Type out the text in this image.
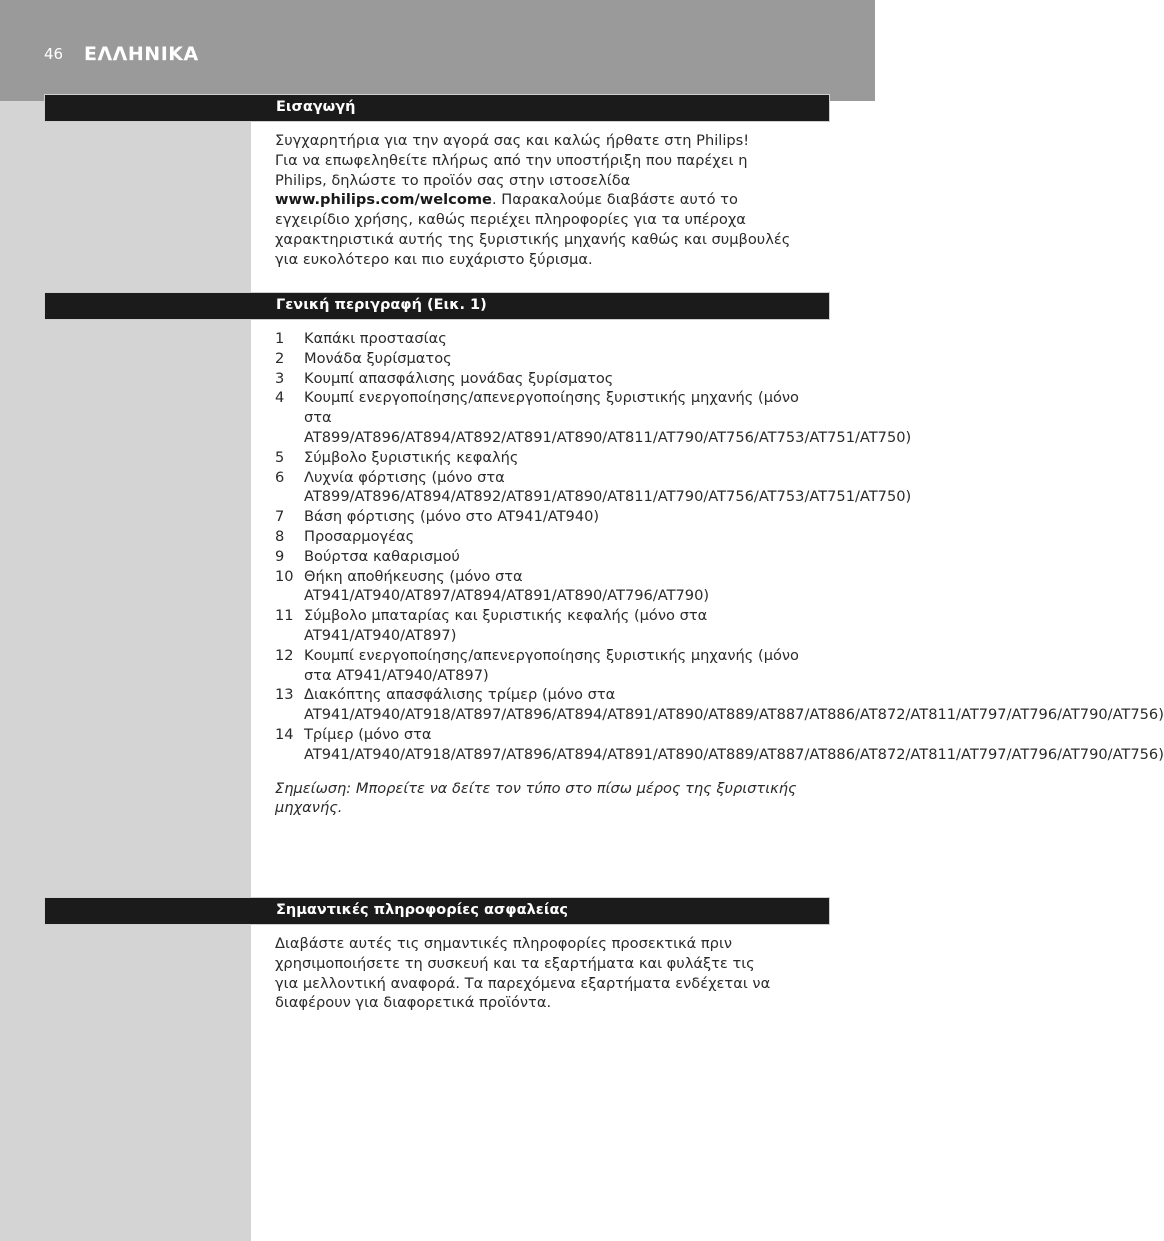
46 ΕΛΛΗΝΙΚΑ
Εισαγωγή

Συγχαρητήρια για την αγορά σας και καλώς ήρθατε στη Philips!

Για να επωφεληθείτε πλήρως από την υποστήριξη που παρέχει η

Philips, δηλώστε το προϊόν σας στην ιστοσελίδα

www.philips.com/welcome. Παρακαλούμε διαβάστε αυτό το

εγχειρίδιο χρήσης, καθώς περιέχει πληροφορίες για τα υπέροχα

χαρακτηριστικά αυτής της ξυριστικής μηχανής καθώς και συμβουλές

για ευκολότερο και πιο ευχάριστο ξύρισμα.

Γενική περιγραφή (Εικ. 1)
1 Καπάκι προστασίας
2 Μονάδα ξυρίσματος
3 Κουμπί απασφάλισης μονάδας ξυρίσματος
4 Κουμπί ενεργοποίησης/απενεργοποίησης ξυριστικής μηχανής (μόνο στα AT899/AT896/AT894/AT892/AT891/AT890/AT811/AT790/AT756/AT753/AT751/AT750)
5 Σύμβολο ξυριστικής κεφαλής
6 Λυχνία φόρτισης (μόνο στα AT899/AT896/AT894/AT892/AT891/AT890/AT811/AT790/AT756/AT753/AT751/AT750)
7 Βάση φόρτισης (μόνο στο AT941/AT940)
8 Προσαρμογέας
9 Βούρτσα καθαρισμού
10 Θήκη αποθήκευσης (μόνο στα AT941/AT940/AT897/AT894/AT891/AT890/AT796/AT790)
11 Σύμβολο μπαταρίας και ξυριστικής κεφαλής (μόνο στα AT941/AT940/AT897)
12 Κουμπί ενεργοποίησης/απενεργοποίησης ξυριστικής μηχανής (μόνο στα AT941/AT940/AT897)
13 Διακόπτης απασφάλισης τρίμερ (μόνο στα AT941/AT940/AT918/AT897/AT896/AT894/AT891/AT890/AT889/AT887/AT886/AT872/AT811/AT797/AT796/AT790/AT756)
14 Τρίμερ (μόνο στα AT941/AT940/AT918/AT897/AT896/AT894/AT891/AT890/AT889/AT887/AT886/AT872/AT811/AT797/AT796/AT790/AT756)

Σημείωση: Μπορείτε να δείτε τον τύπο στο πίσω μέρος της ξυριστικής μηχανής.

Σημαντικές πληροφορίες ασφαλείας

Διαβάστε αυτές τις σημαντικές πληροφορίες προσεκτικά πριν

χρησιμοποιήσετε τη συσκευή και τα εξαρτήματα και φυλάξτε τις

για μελλοντική αναφορά. Τα παρεχόμενα εξαρτήματα ενδέχεται να

διαφέρουν για διαφορετικά προϊόντα.
